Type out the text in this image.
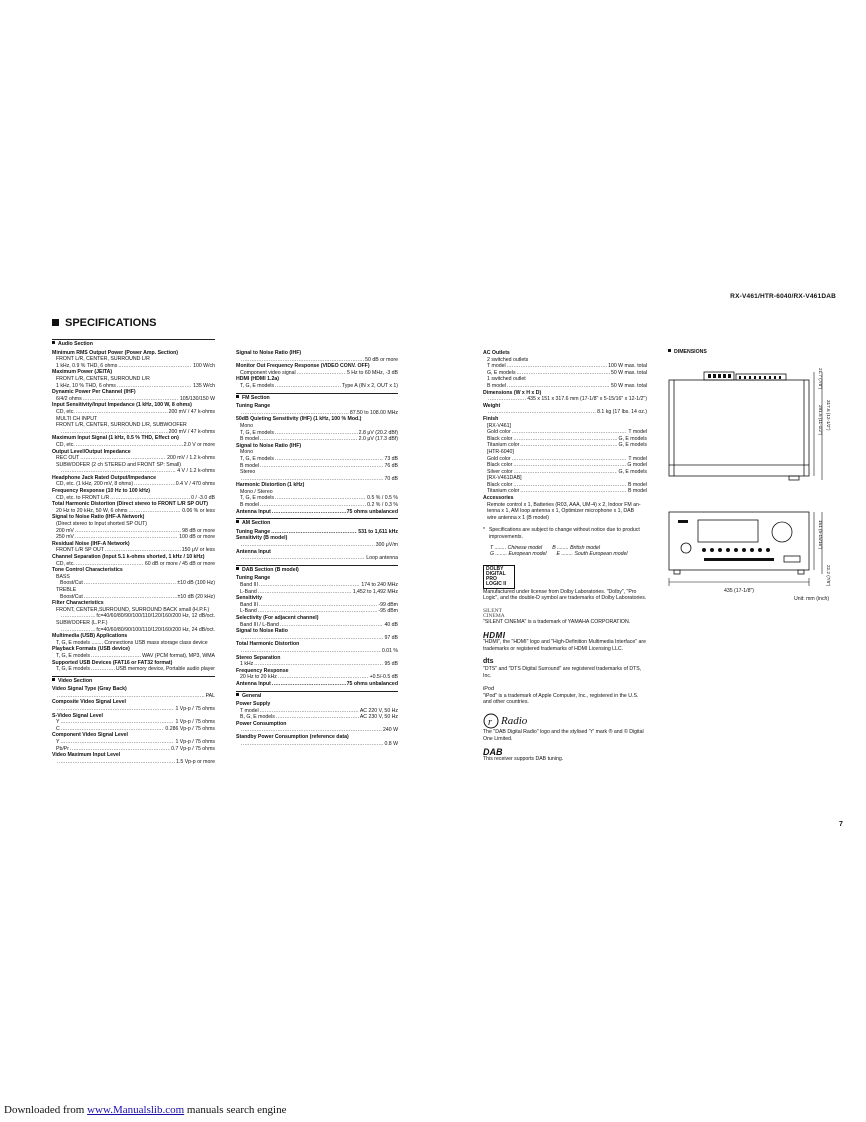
RX-V461/HTR-6040/RX-V461DAB
SPECIFICATIONS
Audio Section
Minimum RMS Output Power (Power Amp. Section)
FRONT L/R, CENTER, SURROUND L/R
1 kHz, 0.9 % THD, 6 ohms .....	100 W/ch
Maximum Power (JEITA)
FRONT L/R, CENTER, SURROUND L/R
1 kHz, 10 % THD, 6 ohms .....	135 W/ch
Dynamic Power Per Channel (IHF)
6/4/2 ohms .....	105/130/150 W
Input Sensitivity/Input Impedance (1 kHz, 100 W, 8 ohms)
CD, etc. .....	200 mV / 47 k-ohms
MULTI CH INPUT
FRONT L/R, CENTER, SURROUND L/R, SUBWOOFER
.....
200 mV / 47 k-ohms
Maximum Input Signal (1 kHz, 0.5 % THD, Effect on)
CD, etc. .....	2.0 V or more
Output Level/Output Impedance
REC OUT .....	200 mV / 1.2 k-ohms
SUBWOOFER (2 ch STEREO and FRONT SP: Small)
.....
4 V / 1.2 k-ohms
Headphone Jack Rated Output/Impedance
CD, etc. (1 kHz, 200 mV, 8 ohms) .....	0.4 V / 470 ohms
Frequency Response (10 Hz to 100 kHz)
CD, etc. to FRONT L/R .....	0 / -3.0 dB
Total Harmonic Distortion (Direct stereo to FRONT L/R SP OUT)
20 Hz to 20 kHz, 50 W, 6 ohms .....	0.06 % or less
Signal to Noise Ratio (IHF-A Network)
(Direct stereo to Input shorted SP OUT)
200 mV .....	98 dB or more
250 mV .....	100 dB or more
Residual Noise (IHF-A Network)
FRONT L/R SP OUT .....	150 μV or less
Channel Separation (Input 5.1 k-ohms shorted, 1 kHz / 10 kHz)
CD, etc. .....	60 dB or more / 45 dB or more
Tone Control Characteristics
BASS
Boost/Cut .....	±10 dB (100 Hz)
TREBLE
Boost/Cut .....	±10 dB (20 kHz)
Filter Characteristics
FRONT, CENTER,SURROUND, SURROUND BACK small (H.P.F.)
.....
fc=40/60/80/90/100/110/120/160/200 Hz, 12 dB/oct.
SUBWOOFER (L.P.F.)
.....
fc=40/60/80/90/100/110/120/160/200 Hz, 24 dB/oct.
Multimedia (USB) Applications
T, G, E models ........ Connections USB mass storage class device
Playback Formats (USB device)
T, G, E models .....	WAV (PCM format), MP3, WMA
Supported USB Devices (FAT16 or FAT32 format)
T, G, E models .....	USB memory device, Portable audio player
Video Section
Video Signal Type (Gray Back)
.....
PAL
Composite Video Signal Level
.....
1 Vp-p / 75 ohms
S-Video Signal Level
Y .....	1 Vp-p / 75 ohms
C .....	0.286 Vp-p / 75 ohms
Component Video Signal Level
Y .....	1 Vp-p / 75 ohms
Pb/Pr .....	0.7 Vp-p / 75 ohms
Video Maximum Input Level
.....
1.5 Vp-p or more
Signal to Noise Ratio (IHF)
.....
50 dB or more
Monitor Out Frequency Response (VIDEO CONV. OFF)
Component video signal .....	5 Hz to 60 MHz, -3 dB
HDMI (HDMI 1.2a)
T, G, E models .....	Type A (IN x 2, OUT x 1)
FM Section
Tuning Range
.....
87.50 to 108.00 MHz
50dB Quieting Sensitivity (IHF) (1 kHz, 100 % Mod.)
Mono
T, G, E models .....	2.8 μV (20.2 dBf)
B model .....	2.0 μV (17.3 dBf)
Signal to Noise Ratio (IHF)
Mono
T, G, E models .....	73 dB
B model .....	76 dB
Stereo
.....
70 dB
Harmonic Distortion (1 kHz)
Mono / Stereo
T, G, E models .....	0.5 % / 0.5 %
B model .....	0.2 % / 0.3 %
Antenna Input .....	75 ohms unbalanced
AM Section
Tuning Range .....	531 to 1,611 kHz
Sensitivity (B model)
.....
300 μV/m
Antenna Input
.....
Loop antenna
DAB Section (B model)
Tuning Range
Band III .....	174 to 240 MHz
L-Band .....	1,452 to 1,492 MHz
Sensitivity
Band III .....	-99 dBm
L-Band .....	-95 dBm
Selectivity (For adjacent channel)
Band III / L-Band .....	40 dB
Signal to Noise Ratio
.....
97 dB
Total Harmonic Distortion
.....
0.01 %
Stereo Separation
1 kHz .....	95 dB
Frequency Response
20 Hz to 20 kHz .....	+0.5/-0.5 dB
Antenna Input .....	75 ohms unbalanced
General
Power Supply
T model .....	AC 220 V, 50 Hz
B, G, E models .....	AC 230 V, 50 Hz
Power Consumption
.....
240 W
Standby Power Consumption (reference data)
.....
0.8 W
AC Outlets
2 switched outlets
T model .....	100 W max. total
G, E models .....	50 W max. total
1 switched outlet
B model .....	50 W max. total
Dimensions (W x H x D)
.....
435 x 151 x 317.6 mm (17-1/8" x 5-15/16" x 12-1/2")
Weight
.....
8.1 kg (17 lbs. 14 oz.)
Finish
[RX-V461]
Gold color .....	T model
Black color .....	G, E models
Titanium color .....	G, E models
[HTR-6040]
Gold color .....	T model
Black color .....	G model
Silver color .....	G, E models
[RX-V461DAB]
Black color .....	B model
Titanium color .....	B model
Accessories
Remote control x 1, Batteries (R03, AAA, UM-4) x 2, Indoor FM an-
tenna x 1, AM loop antenna x 1, Optimizer microphone x 1, DAB
wire antenna x 1 (B model)
* Specifications are subject to change without notice due to product improvements.
T ........ Chinese model B ........ British model
G ........ European model E ........ South European model
DOLBY DIGITAL PRO LOGIC II
Manufactured under license from Dolby Laboratories. "Dolby", "Pro Logic", and the double-D symbol are trademarks of Dolby Laboratories.
SILENT CINEMA
"SILENT CINEMA" is a trademark of YAMAHA CORPORATION.
HDMI
"HDMI", the "HDMI" logo and "High-Definition Multimedia Interface" are trademarks or registered trademarks of HDMI Licensing LLC.
dts
"DTS" and "DTS Digital Surround" are registered trademarks of DTS, Inc.
iPod
"iPod" is a trademark of Apple Computer, Inc., registered in the U.S. and other countries.
r Radio
The "DAB Digital Radio" logo and the stylised "r" mark ® and © Digital One Limited.
DAB
This receiver supports DAB tuning.
DIMENSIONS
435 (17-1/8")
21.7 (7/8")
317.6 (12-1/2")
291.6 (11-1/2")
151 (5-15/16")
22.2 (7/8")
Unit: mm (inch)
7
Downloaded from www.Manualslib.com manuals search engine
